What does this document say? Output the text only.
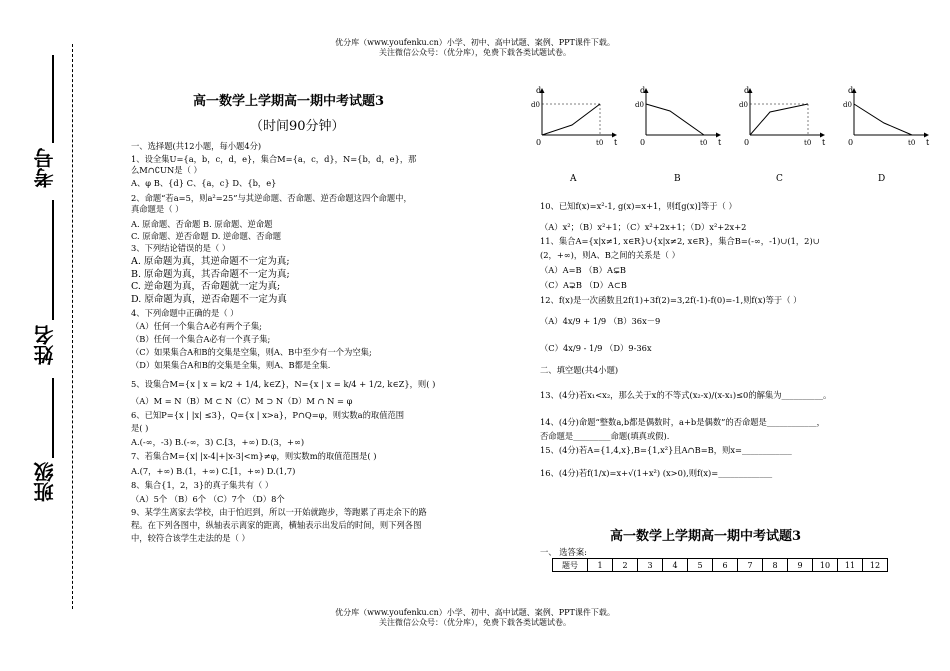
优分库（www.youfenku.cn）小学、初中、高中试题、案例、PPT课件下载。
关注微信公众号：（优分库），免费下载各类试题试卷。
优分库（www.youfenku.cn）小学、初中、高中试题、案例、PPT课件下载。
关注微信公众号：（优分库），免费下载各类试题试卷。
考号
姓名
班级
高一数学上学期高一期中考试题3
（时间90分钟）
一、选择题(共12小题，每小题4分)
1、设全集U={a，b，c，d，e}，集合M={a，c，d}，N={b，d，e}，那
么M∩∁UN是（ ）
A、φ B、{d} C、{a，c} D、{b，e}
2、命题“若a=5，则a²=25”与其逆命题、否命题、逆否命题这四个命题中，
真命题是（ ）
A. 原命题、否命题 B. 原命题、逆命题
C. 原命题、逆否命题 D. 逆命题、否命题
3、下列结论错误的是（ ）
A. 原命题为真，其逆命题不一定为真;
B. 原命题为真，其否命题不一定为真;
C. 逆命题为真，否命题就一定为真;
D. 原命题为真，逆否命题不一定为真
4、下列命题中正确的是（ ）
（A）任何一个集合A必有两个子集;
（B）任何一个集合A必有一个真子集;
（C）如果集合A和B的交集是空集，则A、B中至少有一个为空集;
（D）如果集合A和B的交集是全集，则A、B都是全集.
5、设集合M={x | x = k/2 + 1/4, k∈Z}，N={x | x = k/4 + 1/2, k∈Z}，则( )
（A）M = N（B）M ⊂ N（C）M ⊃ N（D）M ∩ N = φ
6、已知P={x | |x| ≤3}，Q={x | x>a}，P∩Q=φ，则实数a的取值范围
是( )
A.(-∞，-3) B.(-∞，3) C.[3，+∞) D.(3，+∞)
7、若集合M={x| |x-4|+|x-3|<m}≠φ，则实数m的取值范围是( )
A.(7，+∞) B.(1，+∞) C.[1，+∞) D.(1,7)
8、集合{1，2，3}的真子集共有（ ）
（A）5个 （B）6个 （C）7个 （D）8个
9、某学生离家去学校，由于怕迟到，所以一开始就跑步，等跑累了再走余下的路
程。在下列各图中，纵轴表示离家的距离，横轴表示出发后的时间，则下列各图
中，较符合该学生走法的是（ ）
d
d0
0	t0 t
d
d0
0	t0 t
d
d0
0	t0 t
d
d0
0	t0 t
A	B	C	D
10、已知f(x)=x²-1, g(x)=x+1，则f[g(x)]等于（ ）
（A）x²；（B）x²+1；（C）x²+2x+1；（D）x²+2x+2
11、集合A={x|x≠1, x∈R}∪{x|x≠2, x∈R}，集合B=(-∞，-1)∪(1，2)∪
(2，+∞)，则A、B之间的关系是（ ）
（A）A=B （B）A⊊B
（C）A⊋B （D）A⊂B
12、f(x)是一次函数且2f(1)+3f(2)=3,2f(-1)-f(0)=-1,则f(x)等于（ ）
（A）4x/9 + 1/9 （B）36x－9
（C）4x/9 - 1/9 （D）9-36x
二、填空题(共4小题)
13、(4分)若x₁<x₂，那么关于x的不等式(x₂-x)/(x-x₁)≤0的解集为__________。
14、(4分)命题“整数a,b都是偶数时，a+b是偶数”的否命题是____________，
否命题是_________命题(填真或假).
15、(4分)若A={1,4,x},B={1,x²}且A∩B=B，则x=____________
16、(4分)若f(1/x)=x+√(1+x²) (x>0),则f(x)=_____________
高一数学上学期高一期中考试题3
一、 选答案:
题号	1	2	3	4	5	6	7	8	9	10	11	12
